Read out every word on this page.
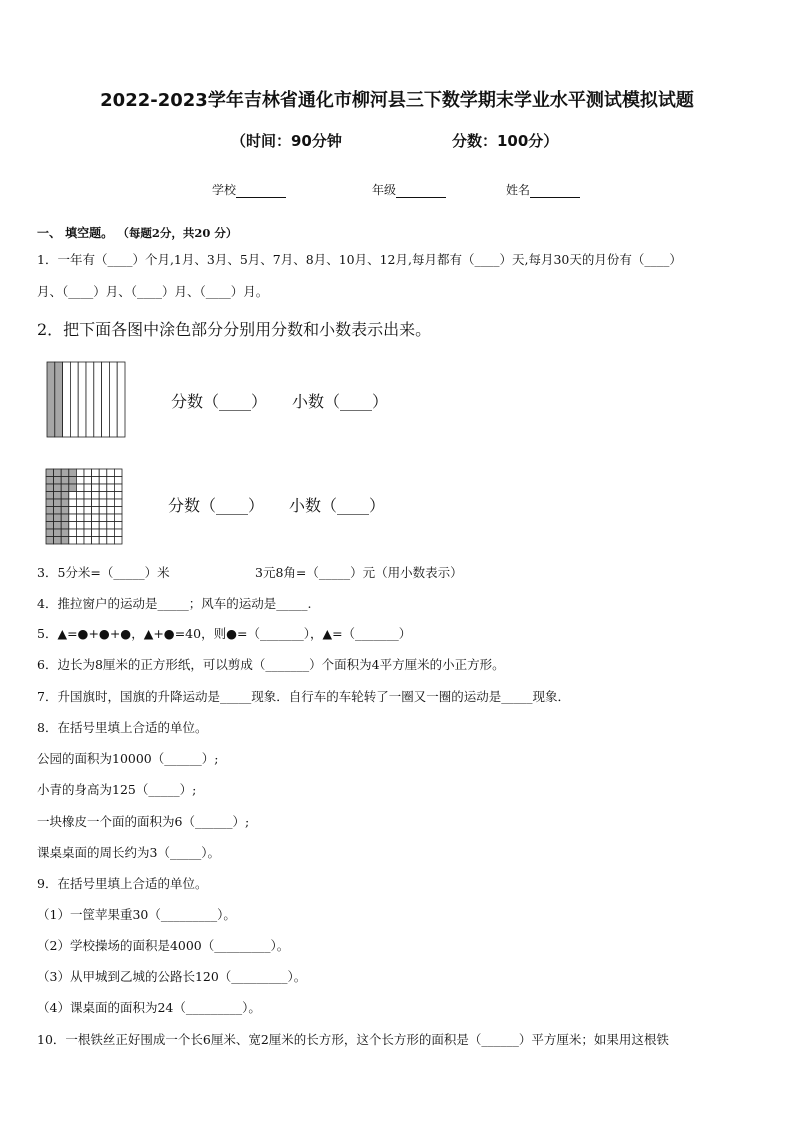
2022-2023学年吉林省通化市柳河县三下数学期末学业水平测试模拟试题
（时间：90分钟	分数：100分）
学校	年级	姓名
一、 填空题。 （每题2分，共20 分）
1．一年有（____）个月,1月、3月、5月、7月、8月、10月、12月,每月都有（____）天,每月30天的月份有（____）
月、（____）月、（____）月、（____）月。
2．把下面各图中涂色部分分别用分数和小数表示出来。
分数（____） 小数（____）
分数（____） 小数（____）
3．5分米=（_____）米	3元8角=（_____）元（用小数表示）
4．推拉窗户的运动是_____；风车的运动是_____.
5．▲=●+●+●，▲+●=40，则●=（_______），▲=（_______）
6．边长为8厘米的正方形纸，可以剪成（_______）个面积为4平方厘米的小正方形。
7．升国旗时，国旗的升降运动是_____现象．自行车的车轮转了一圈又一圈的运动是_____现象．
8．在括号里填上合适的单位。
公园的面积为10000（______）;
小青的身高为125（_____）;
一块橡皮一个面的面积为6（______）;
课桌桌面的周长约为3（_____）。
9．在括号里填上合适的单位。
（1）一筐苹果重30（_________）。
（2）学校操场的面积是4000（_________）。
（3）从甲城到乙城的公路长120（_________）。
（4）课桌面的面积为24（_________）。
10．一根铁丝正好围成一个长6厘米、宽2厘米的长方形，这个长方形的面积是（______）平方厘米；如果用这根铁
